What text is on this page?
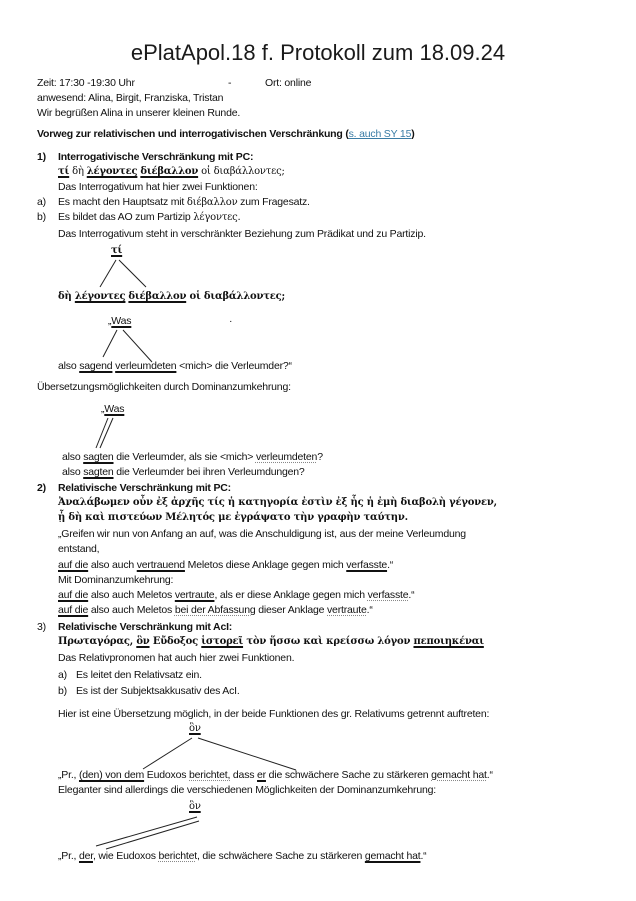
ePlatApol.18 f. Protokoll zum 18.09.24
Zeit: 17:30 -19:30 Uhr	-	Ort: online
anwesend: Alina, Birgit, Franziska, Tristan
Wir begrüßen Alina in unserer kleinen Runde.
Vorweg zur relativischen und interrogativischen Verschränkung (s. auch SY 15)
1) Interrogativische Verschränkung mit PC:
τί δὴ λέγοντες διέβαλλον οἱ διαβάλλοντες;
Das Interrogativum hat hier zwei Funktionen:
a) Es macht den Hauptsatz mit διέβαλλον zum Fragesatz.
b) Es bildet das AO zum Partizip λέγοντες.
Das Interrogativum steht in verschränkter Beziehung zum Prädikat und zu Partizip.
τί
δὴ λέγοντες διέβαλλον οἱ διαβάλλοντες;
„Was	·
also sagend verleumdeten <mich> die Verleumder?“
Übersetzungsmöglichkeiten durch Dominanzumkehrung:
„Was
also sagten die Verleumder, als sie <mich> verleumdeten?
also sagten die Verleumder bei ihren Verleumdungen?
2) Relativische Verschränkung mit PC:
Ἀναλάβωμεν οὖν ἐξ ἀρχῆς τίς ἡ κατηγορία ἐστὶν ἐξ ἧς ἡ ἐμὴ διαβολὴ γέγονεν,
ᾗ δὴ καὶ πιστεύων Μέλητός με ἐγράψατο τὴν γραφὴν ταύτην.
„Greifen wir nun von Anfang an auf, was die Anschuldigung ist, aus der meine Verleumdung
entstand,
auf die also auch vertrauend Meletos diese Anklage gegen mich verfasste.“
Mit Dominanzumkehrung:
auf die also auch Meletos vertraute, als er diese Anklage gegen mich verfasste.“
auf die also auch Meletos bei der Abfassung dieser Anklage vertraute.“
3) Relativische Verschränkung mit AcI:
Πρωταγόρας, ὃν Εὔδοξος ἱστορεῖ τὸν ἥσσω καὶ κρείσσω λόγον πεποιηκέναι
Das Relativpronomen hat auch hier zwei Funktionen.
a) Es leitet den Relativsatz ein.
b) Es ist der Subjektsakkusativ des AcI.
Hier ist eine Übersetzung möglich, in der beide Funktionen des gr. Relativums getrennt auftreten:
ὃν
„Pr., (den) von dem Eudoxos berichtet, dass er die schwächere Sache zu stärkeren gemacht hat.“
Eleganter sind allerdings die verschiedenen Möglichkeiten der Dominanzumkehrung:
ὃν
„Pr., der, wie Eudoxos berichtet, die schwächere Sache zu stärkeren gemacht hat.“
